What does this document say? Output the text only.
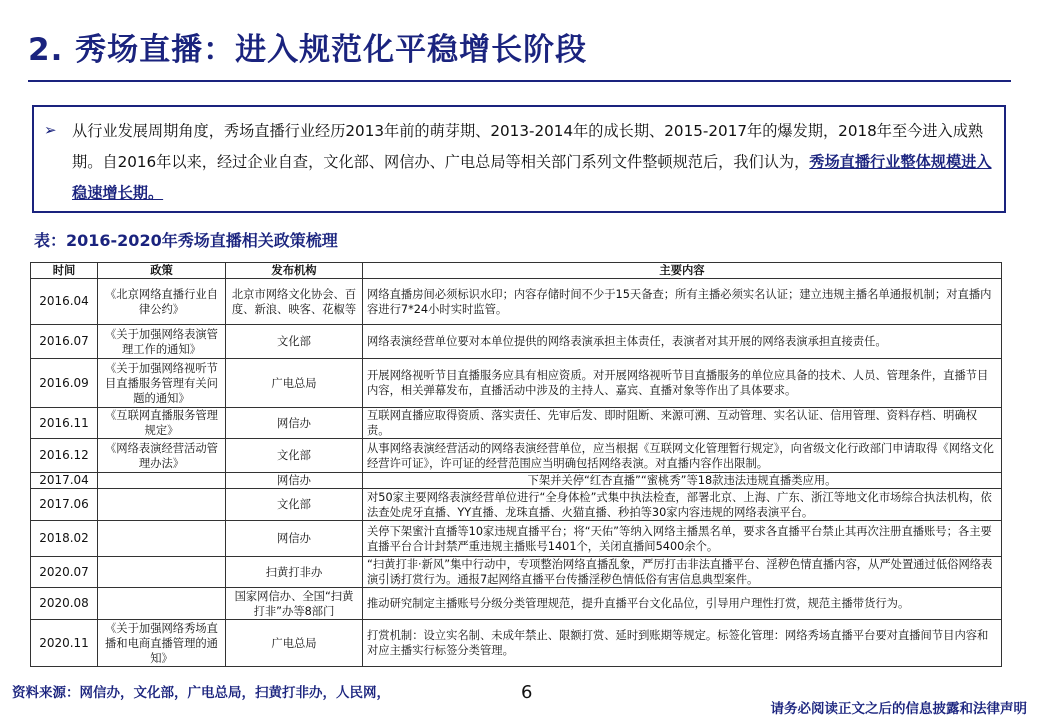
2. 秀场直播：进入规范化平稳增长阶段
➢ 从行业发展周期角度，秀场直播行业经历2013年前的萌芽期、2013-2014年的成长期、2015-2017年的爆发期，2018年至今进入成熟期。自2016年以来，经过企业自查，文化部、网信办、广电总局等相关部门系列文件整顿规范后，我们认为，秀场直播行业整体规模进入稳速增长期。
表：2016-2020年秀场直播相关政策梳理
时间	政策	发布机构	主要内容
2016.04	《北京网络直播行业自律公约》	北京市网络文化协会、百度、新浪、映客、花椒等	网络直播房间必须标识水印；内容存储时间不少于15天备查；所有主播必须实名认证；建立违规主播名单通报机制；对直播内容进行7*24小时实时监管。
2016.07	《关于加强网络表演管理工作的通知》	文化部	网络表演经营单位要对本单位提供的网络表演承担主体责任，表演者对其开展的网络表演承担直接责任。
2016.09	《关于加强网络视听节目直播服务管理有关问题的通知》	广电总局	开展网络视听节目直播服务应具有相应资质。对开展网络视听节目直播服务的单位应具备的技术、人员、管理条件，直播节目内容，相关弹幕发布，直播活动中涉及的主持人、嘉宾、直播对象等作出了具体要求。
2016.11	《互联网直播服务管理规定》	网信办	互联网直播应取得资质、落实责任、先审后发、即时阻断、来源可溯、互动管理、实名认证、信用管理、资料存档、明确权责。
2016.12	《网络表演经营活动管理办法》	文化部	从事网络表演经营活动的网络表演经营单位，应当根据《互联网文化管理暂行规定》，向省级文化行政部门申请取得《网络文化经营许可证》，许可证的经营范围应当明确包括网络表演。对直播内容作出限制。
2017.04		网信办	下架并关停“红杏直播”“蜜桃秀”等18款违法违规直播类应用。
2017.06		文化部	对50家主要网络表演经营单位进行“全身体检”式集中执法检查，部署北京、上海、广东、浙江等地文化市场综合执法机构，依法查处虎牙直播、YY直播、龙珠直播、火猫直播、秒拍等30家内容违规的网络表演平台。
2018.02		网信办	关停下架蜜汁直播等10家违规直播平台；将“天佑”等纳入网络主播黑名单，要求各直播平台禁止其再次注册直播账号；各主要直播平台合计封禁严重违规主播账号1401个，关闭直播间5400余个。
2020.07		扫黄打非办	“扫黄打非·新风”集中行动中，专项整治网络直播乱象，严厉打击非法直播平台、淫秽色情直播内容，从严处置通过低俗网络表演引诱打赏行为。通报7起网络直播平台传播淫秽色情低俗有害信息典型案件。
2020.08		国家网信办、全国“扫黄打非”办等8部门	推动研究制定主播账号分级分类管理规范，提升直播平台文化品位，引导用户理性打赏，规范主播带货行为。
2020.11	《关于加强网络秀场直播和电商直播管理的通知》	广电总局	打赏机制：设立实名制、未成年禁止、限额打赏、延时到账期等规定。标签化管理：网络秀场直播平台要对直播间节目内容和对应主播实行标签分类管理。
资料来源：网信办，文化部，广电总局，扫黄打非办，人民网，	6
请务必阅读正文之后的信息披露和法律声明
